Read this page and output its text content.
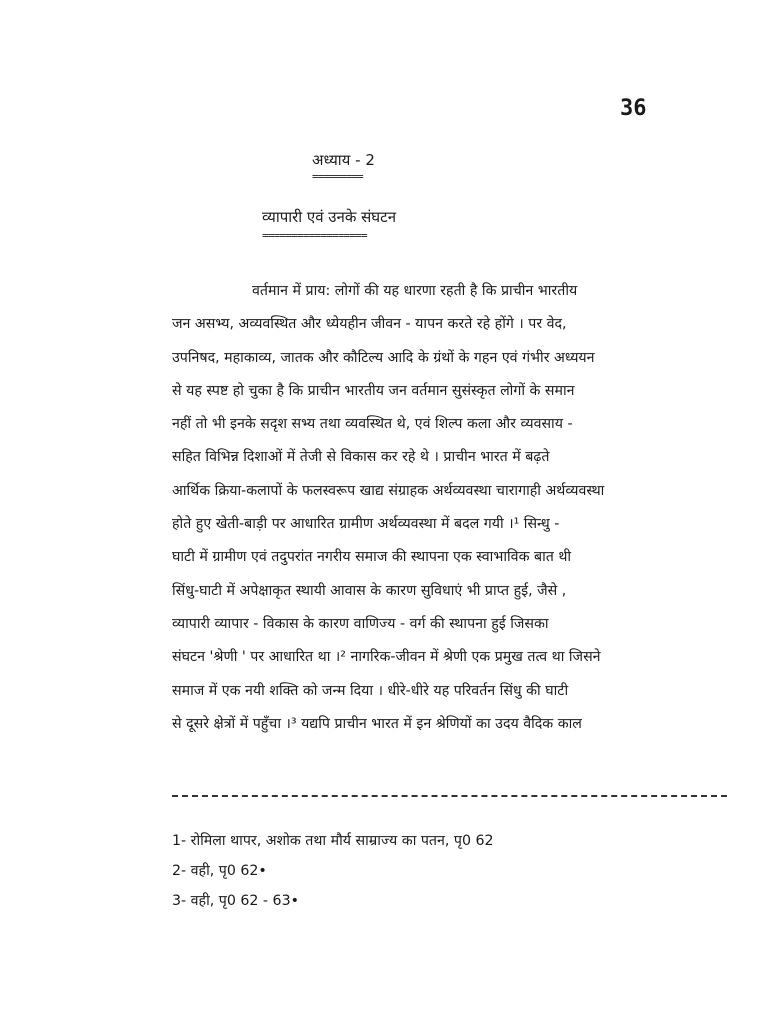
36
अध्याय - 2
=========
व्यापारी एवं उनके संघटन
==================
वर्तमान में प्राय: लोगों की यह धारणा रहती है कि प्राचीन भारतीय
जन असभ्य, अव्यवस्थित और ध्येयहीन जीवन - यापन करते रहे होंगे । पर वेद,
उपनिषद, महाकाव्य, जातक और कौटिल्य आदि के ग्रंथों के गहन एवं गंभीर अध्ययन
से यह स्पष्ट हो चुका है कि प्राचीन भारतीय जन वर्तमान सुसंस्कृत लोगों के समान
नहीं तो भी इनके सदृश सभ्य तथा व्यवस्थित थे, एवं शिल्प कला और व्यवसाय -
सहित विभिन्न दिशाओं में तेजी से विकास कर रहे थे । प्राचीन भारत में बढ़ते
आर्थिक क्रिया-कलापों के फलस्वरूप खाद्य संग्राहक अर्थव्यवस्था चारागाही अर्थव्यवस्था
होते हुए खेती-बाड़ी पर आधारित ग्रामीण अर्थव्यवस्था में बदल गयी ।¹ सिन्धु -
घाटी में ग्रामीण एवं तदुपरांत नगरीय समाज की स्थापना एक स्वाभाविक बात थी
सिंधु-घाटी में अपेक्षाकृत स्थायी आवास के कारण सुविधाएं भी प्राप्त हुई, जैसे ,
व्यापारी व्यापार - विकास के कारण वाणिज्य - वर्ग की स्थापना हुई जिसका
संघटन 'श्रेणी ' पर आधारित था ।² नागरिक-जीवन में श्रेणी एक प्रमुख तत्व था जिसने
समाज में एक नयी शक्ति को जन्म दिया । धीरे-धीरे यह परिवर्तन सिंधु की घाटी
से दूसरे क्षेत्रों में पहुँचा ।³ यद्यपि प्राचीन भारत में इन श्रेणियों का उदय वैदिक काल
1- रोमिला थापर, अशोक तथा मौर्य साम्राज्य का पतन, पृ0 62
2- वही, पृ0 62•
3- वही, पृ0 62 - 63•
